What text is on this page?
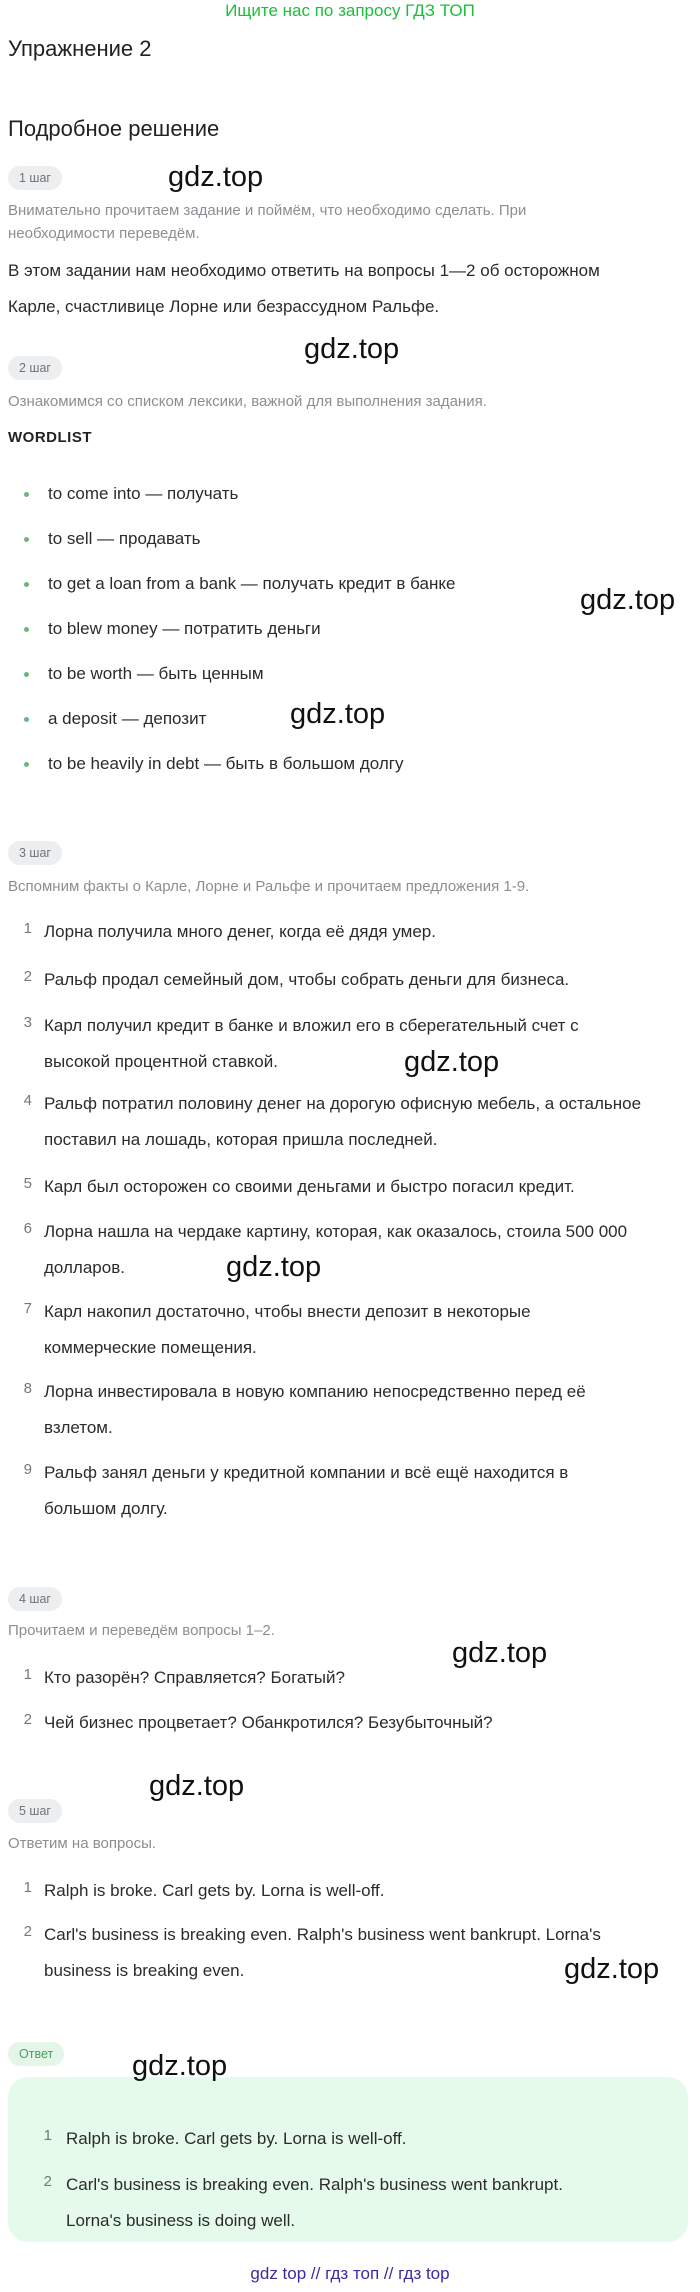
Ищите нас по запросу ГДЗ ТОП
Упражнение 2
Подробное решение
1 шаг
Внимательно прочитаем задание и поймём, что необходимо сделать. При необходимости переведём.
В этом задании нам необходимо ответить на вопросы 1—2 об осторожном Карле, счастливице Лорне или безрассудном Ральфе.
2 шаг
Ознакомимся со списком лексики, важной для выполнения задания.
WORDLIST
to come into — получать
to sell — продавать
to get a loan from a bank — получать кредит в банке
to blew money — потратить деньги
to be worth — быть ценным
a deposit — депозит
to be heavily in debt — быть в большом долгу
3 шаг
Вспомним факты о Карле, Лорне и Ральфе и прочитаем предложения 1-9.
1 Лорна получила много денег, когда её дядя умер.
2 Ральф продал семейный дом, чтобы собрать деньги для бизнеса.
3 Карл получил кредит в банке и вложил его в сберегательный счет с
высокой процентной ставкой.
4 Ральф потратил половину денег на дорогую офисную мебель, а остальное
поставил на лошадь, которая пришла последней.
5 Карл был осторожен со своими деньгами и быстро погасил кредит.
6 Лорна нашла на чердаке картину, которая, как оказалось, стоила 500 000
долларов.
7 Карл накопил достаточно, чтобы внести депозит в некоторые
коммерческие помещения.
8 Лорна инвестировала в новую компанию непосредственно перед её
взлетом.
9 Ральф занял деньги у кредитной компании и всё ещё находится в
большом долгу.
4 шаг
Прочитаем и переведём вопросы 1–2.
1 Кто разорён? Справляется? Богатый?
2 Чей бизнес процветает? Обанкротился? Безубыточный?
5 шаг
Ответим на вопросы.
1 Ralph is broke. Carl gets by. Lorna is well-off.
2 Carl's business is breaking even. Ralph's business went bankrupt. Lorna's
business is breaking even.
Ответ
1 Ralph is broke. Carl gets by. Lorna is well-off.
2 Carl's business is breaking even. Ralph's business went bankrupt.
Lorna's business is doing well.
gdz.top
gdz.top
gdz.top
gdz.top
gdz.top
gdz.top
gdz.top
gdz.top
gdz.top
gdz.top
gdz top // гдз топ // гдз top
